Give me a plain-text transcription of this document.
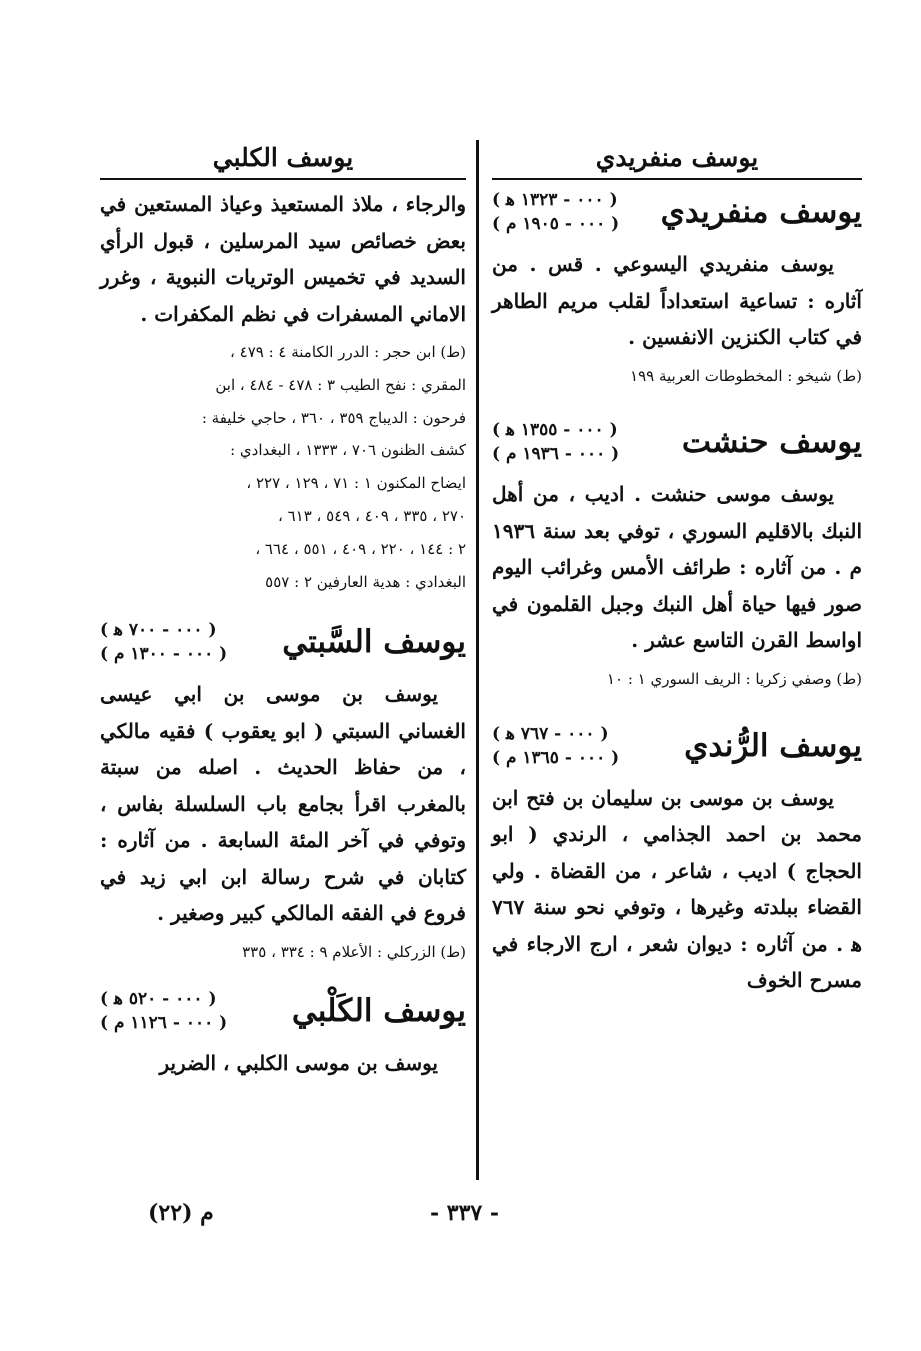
يوسف منفريدي
يوسف منفريدي
( ٠٠٠ - ١٣٢٣ ﻫ )
( ٠٠٠ - ١٩٠٥ م )

يوسف منفريدي اليسوعي . قس . من آثاره : تساعية استعداداً لقلب مريم الطاهر في كتاب الكنزين الانفسين .

(ط) شيخو : المخطوطات العربية ١٩٩
يوسف حنشت
( ٠٠٠ - ١٣٥٥ ﻫ )
( ٠٠٠ - ١٩٣٦ م )

يوسف موسى حنشت . اديب ، من أهل النبك بالاقليم السوري ، توفي بعد سنة ١٩٣٦ م . من آثاره : طرائف الأمس وغرائب اليوم صور فيها حياة أهل النبك وجبل القلمون في اواسط القرن التاسع عشر .

(ط) وصفي زكريا : الريف السوري ١ : ١٠
يوسف الرُّندي
( ٠٠٠ - ٧٦٧ ﻫ )
( ٠٠٠ - ١٣٦٥ م )

يوسف بن موسى بن سليمان بن فتح ابن محمد بن احمد الجذامي ، الرندي ( ابو الحجاج ) اديب ، شاعر ، من القضاة . ولي القضاء ببلدته وغيرها ، وتوفي نحو سنة ٧٦٧ ﻫ . من آثاره : ديوان شعر ، ارج الارجاء في مسرح الخوف

يوسف الكلبي

والرجاء ، ملاذ المستعيذ وعياذ المستعين في بعض خصائص سيد المرسلين ، قبول الرأي السديد في تخميس الوتريات النبوية ، وغرر الاماني المسفرات في نظم المكفرات .

(ط) ابن حجر : الدرر الكامنة ٤ : ٤٧٩ ،
المقري : نفح الطيب ٣ : ٤٧٨ - ٤٨٤ ، ابن
فرحون : الديباج ٣٥٩ ، ٣٦٠ ، حاجي خليفة :
كشف الظنون ٧٠٦ ، ١٣٣٣ ، البغدادي :
ايضاح المكنون ١ : ٧١ ، ١٢٩ ، ٢٢٧ ،
٢٧٠ ، ٣٣٥ ، ٤٠٩ ، ٥٤٩ ، ٦١٣ ،
٢ : ١٤٤ ، ٢٢٠ ، ٤٠٩ ، ٥٥١ ، ٦٦٤ ،
البغدادي : هدية العارفين ٢ : ٥٥٧
يوسف السَّبتي
( ٠٠٠ - ٧٠٠ ﻫ )
( ٠٠٠ - ١٣٠٠ م )

يوسف بن موسى بن ابي عيسى الغساني السبتي ( ابو يعقوب ) فقيه مالكي ، من حفاظ الحديث . اصله من سبتة بالمغرب اقرأ بجامع باب السلسلة بفاس ، وتوفي في آخر المئة السابعة . من آثاره : كتابان في شرح رسالة ابن ابي زيد في فروع في الفقه المالكي كبير وصغير .

(ط) الزركلي : الأعلام ٩ : ٣٣٤ ، ٣٣٥
يوسف الكَلْبي
( ٠٠٠ - ٥٢٠ ﻫ )
( ٠٠٠ - ١١٢٦ م )

يوسف بن موسى الكلبي ، الضرير

م (٢٢)	- ٣٣٧ -
